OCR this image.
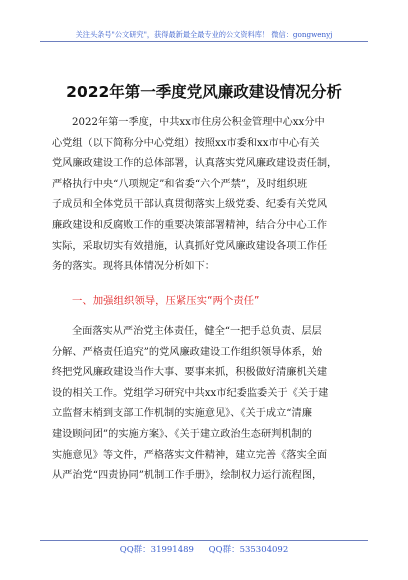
关注头条号"公文研究"，获得最新最全最专业的公文资料库！ 微信：gongwenyj
2022年第一季度党风廉政建设情况分析
2022年第一季度，中共xx市住房公积金管理中心xx分中
心党组（以下简称分中心党组）按照xx市委和xx市中心有关
党风廉政建设工作的总体部署，认真落实党风廉政建设责任制，
严格执行中央“八项规定”和省委“六个严禁”，及时组织班
子成员和全体党员干部认真贯彻落实上级党委、纪委有关党风
廉政建设和反腐败工作的重要决策部署精神，结合分中心工作
实际，采取切实有效措施，认真抓好党风廉政建设各项工作任
务的落实。现将具体情况分析如下：
一、加强组织领导，压紧压实“两个责任”
全面落实从严治党主体责任，健全“一把手总负责、层层
分解、严格责任追究”的党风廉政建设工作组织领导体系，始
终把党风廉政建设当作大事、要事来抓，积极做好清廉机关建
设的相关工作。党组学习研究中共xx市纪委监委关于《关于建
立监督末梢到支部工作机制的实施意见》、《关于成立“清廉
建设顾问团”的实施方案》、《关于建立政治生态研判机制的
实施意见》等文件，严格落实文件精神，建立完善《落实全面
从严治党“四责协同”机制工作手册》，绘制权力运行流程图，
QQ群：31991489 QQ群：535304092
